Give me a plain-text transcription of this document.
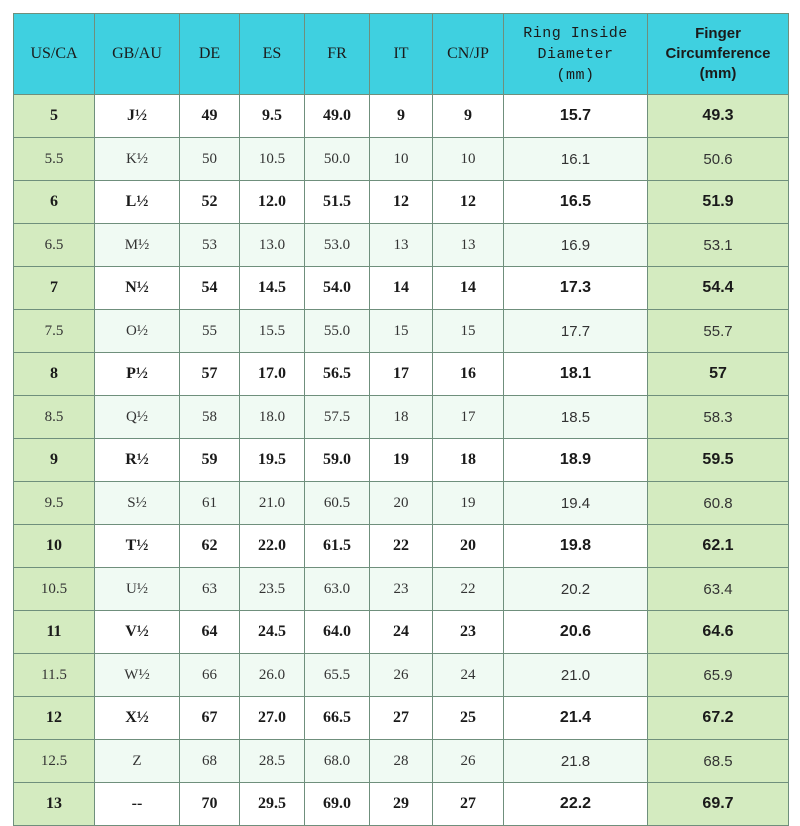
US/CA	GB/AU	DE	ES	FR	IT	CN/JP	Ring Inside
Diameter
(mm)	Finger
Circumference
(mm)
5	J½	49	9.5	49.0	9	9	15.7	49.3
5.5	K½	50	10.5	50.0	10	10	16.1	50.6
6	L½	52	12.0	51.5	12	12	16.5	51.9
6.5	M½	53	13.0	53.0	13	13	16.9	53.1
7	N½	54	14.5	54.0	14	14	17.3	54.4
7.5	O½	55	15.5	55.0	15	15	17.7	55.7
8	P½	57	17.0	56.5	17	16	18.1	57
8.5	Q½	58	18.0	57.5	18	17	18.5	58.3
9	R½	59	19.5	59.0	19	18	18.9	59.5
9.5	S½	61	21.0	60.5	20	19	19.4	60.8
10	T½	62	22.0	61.5	22	20	19.8	62.1
10.5	U½	63	23.5	63.0	23	22	20.2	63.4
11	V½	64	24.5	64.0	24	23	20.6	64.6
11.5	W½	66	26.0	65.5	26	24	21.0	65.9
12	X½	67	27.0	66.5	27	25	21.4	67.2
12.5	Z	68	28.5	68.0	28	26	21.8	68.5
13	--	70	29.5	69.0	29	27	22.2	69.7
